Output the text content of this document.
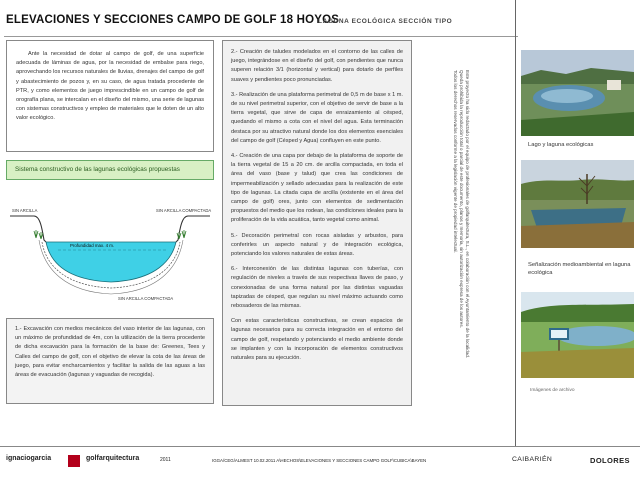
ELEVACIONES Y SECCIONES CAMPO DE GOLF 18 HOYOS
LAGUNA ECOLÓGICA SECCIÓN TIPO

Ante la necesidad de dotar al campo de golf, de una superficie adecuada de láminas de agua, por la necesidad de embalse para riego, aprovechando los recursos naturales de lluvias, drenajes del campo de golf y abastecimiento de pozos y, en su caso, de agua tratada procedente de PTR, y como elementos de juego imprescindible en un campo de golf de orografía plana, se intercalan en el diseño del mismo, una serie de lagunas con sistemas constructivos y empleo de materiales que le doten de un alto valor ecológico.

Sistema constructivo de las lagunas ecológicas propuestas
SIN ARCILLA	SIN ARCILLA COMPACTADA
Profundidad max. 4 m.
SIN ARCILLA COMPACTADA

1.- Excavación con medios mecánicos del vaso interior de las lagunas, con un máximo de profundidad de 4m, con la utilización de la tierra procedente de dicha excavación para la formación de la base de: Greenes, Tees y Calles del campo de golf, con el objetivo de elevar la cota de las áreas de juego, para evitar encharcamientos y facilitar la salida de las aguas a las áreas de evacuación (lagunas y vaguadas de recogida).

2.- Creación de taludes modelados en el contorno de las calles de juego, integrándose en el diseño del golf, con pendientes que nunca superen relación 3/1 (horizontal y vertical) para dotarlo de perfiles suaves y pendientes poco pronunciadas.

3.- Realización de una plataforma perimetral de 0,5 m de base x 1 m. de su nivel perimetral superior, con el objetivo de servir de base a la tierra vegetal, que sirve de capa de enraizamiento al césped, quedando el mismo a cota con el nivel del agua. Esta terminación destaca por su atractivo natural donde los dos elementos esenciales del campo de golf (Césped y Agua) confluyen en este punto.

4.- Creación de una capa por debajo de la plataforma de soporte de la tierra vegetal de 15 a 20 cm. de arcilla compactada, en toda el área del vaso (base y talud) que crea las condiciones de impermeabilización y sellado adecuadas para la realización de este tipo de lagunas. La citada capa de arcilla (existente en el área del campo de golf) ores, junto con elementos de sedimentación propuestos del medio que los rodean, las condiciones ideales para la proliferación de la vida acuática, tanto vegetal como animal.

5.- Decoración perimetral con rocas aisladas y arbustos, para conferirles un aspecto natural y de integración ecológica, potenciando los valores naturales de estas áreas.

6.- Interconexión de las distintas lagunas con tuberías, con regulación de niveles a través de sus respectivas llaves de paso, y conexionadas de una forma natural por las distintas vaguadas tapizadas de césped, que regulan su nivel máximo actuando como rebosaderos de las mismas.

Con estas características constructivas, se crean espacios de lagunas necesarios para su correcta integración en el entorno del campo de golf, respetando y potenciando el medio ambiente donde se implanten y con la incorporación de elementos constructivos naturales para su ejecución.	Este proyecto ha sido redactado por el equipo de profesionales de golfarquitectura, S.L., en colaboración con el Ayuntamiento de la localidad.
Queda prohibida la reproducción total o parcial de este documento, planos y memoria, sin autorización expresa de los autores.
Todos los derechos reservados conforme a la legislación vigente de propiedad intelectual.	Lago y laguna ecológicas
Señalización medioambiental en laguna ecológica
Imágenes de archivo
ignaciogarcia	golfarquitectura	2011	IGGA/CEG/ALMEST 10.02.2011 A\HECHOS\ELEVACIONES Y SECCIONES CAMPO GOLF\CUBICA\BAYEN	CAIBARIÉN	DOLORES
